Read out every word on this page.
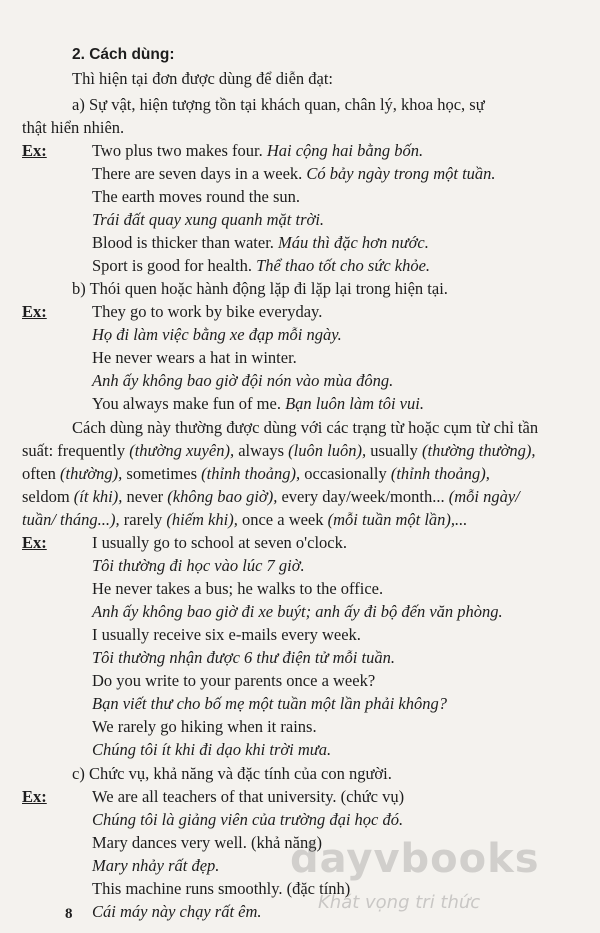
2. Cách dùng:
Thì hiện tại đơn được dùng để diễn đạt:
a) Sự vật, hiện tượng tồn tại khách quan, chân lý, khoa học, sự
thật hiển nhiên.
Ex:	Two plus two makes four. Hai cộng hai bằng bốn.
There are seven days in a week. Có bảy ngày trong một tuần.
The earth moves round the sun.
Trái đất quay xung quanh mặt trời.
Blood is thicker than water. Máu thì đặc hơn nước.
Sport is good for health. Thể thao tốt cho sức khỏe.
b) Thói quen hoặc hành động lặp đi lặp lại trong hiện tại.
Ex:	They go to work by bike everyday.
Họ đi làm việc bằng xe đạp mỗi ngày.
He never wears a hat in winter.
Anh ấy không bao giờ đội nón vào mùa đông.
You always make fun of me. Bạn luôn làm tôi vui.
Cách dùng này thường được dùng với các trạng từ hoặc cụm từ chỉ tần
suất: frequently (thường xuyên), always (luôn luôn), usually (thường thường),
often (thường), sometimes (thỉnh thoảng), occasionally (thỉnh thoảng),
seldom (ít khi), never (không bao giờ), every day/week/month... (mỗi ngày/
tuần/ tháng...), rarely (hiếm khi), once a week (mỗi tuần một lần),...
Ex:	I usually go to school at seven o'clock.
Tôi thường đi học vào lúc 7 giờ.
He never takes a bus; he walks to the office.
Anh ấy không bao giờ đi xe buýt; anh ấy đi bộ đến văn phòng.
I usually receive six e-mails every week.
Tôi thường nhận được 6 thư điện tử mỗi tuần.
Do you write to your parents once a week?
Bạn viết thư cho bố mẹ một tuần một lần phải không?
We rarely go hiking when it rains.
Chúng tôi ít khi đi dạo khi trời mưa.
c) Chức vụ, khả năng và đặc tính của con người.
Ex:	We are all teachers of that university. (chức vụ)
Chúng tôi là giảng viên của trường đại học đó.
Mary dances very well. (khả năng)
Mary nhảy rất đẹp.
This machine runs smoothly. (đặc tính)
Cái máy này chạy rất êm.
8
dayvbooks
Khát vọng tri thức
